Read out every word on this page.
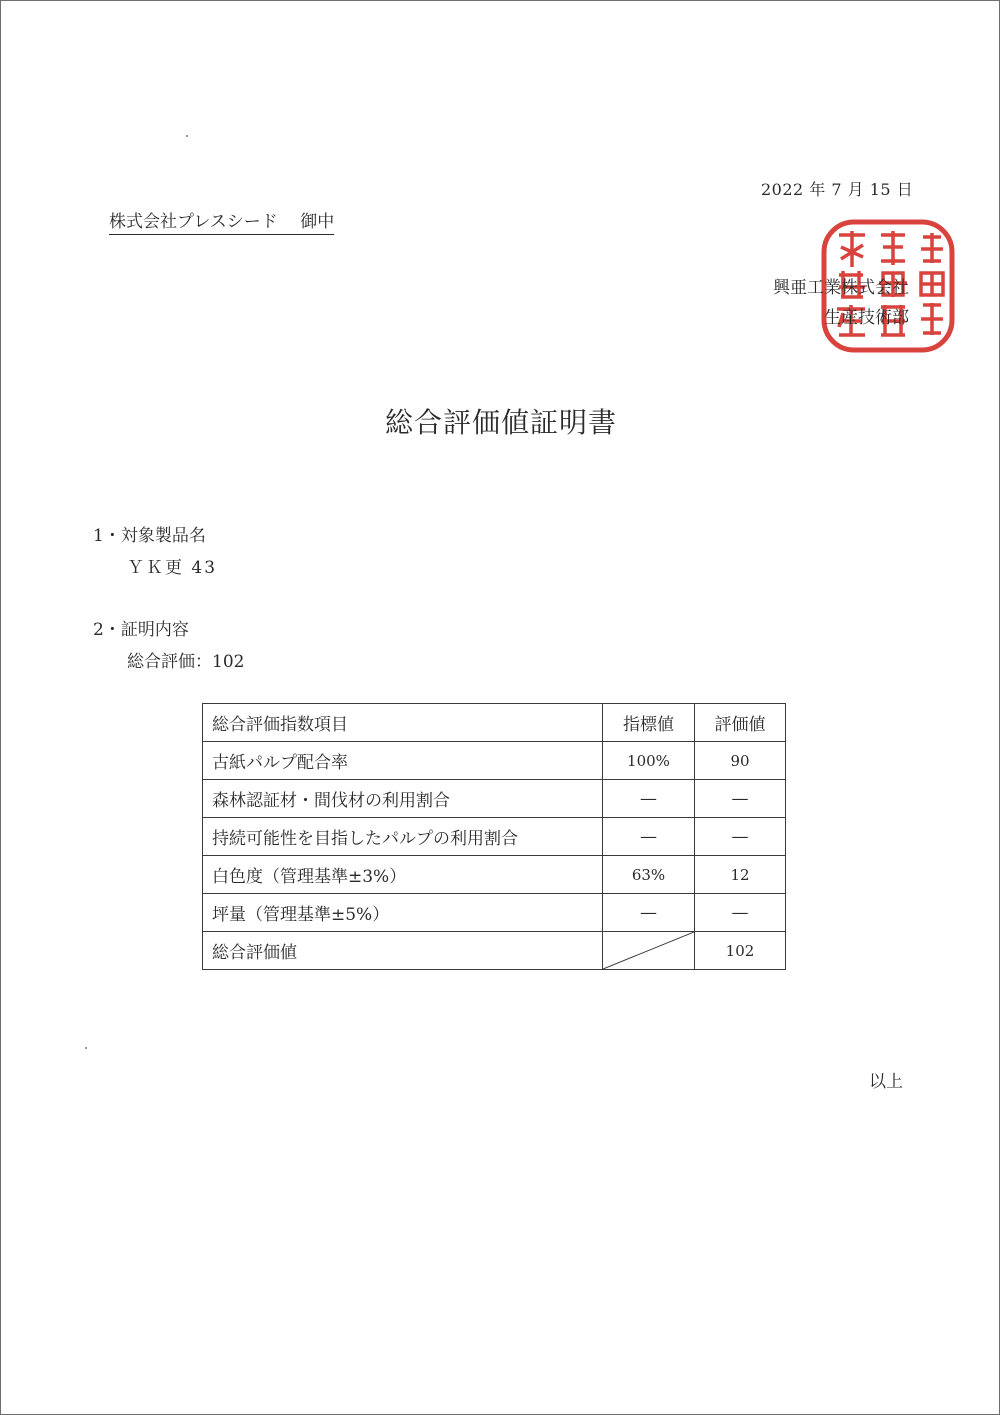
2022 年 7 月 15 日
株式会社プレスシード　 御中
興亜工業株式会社
生産技術部
総合評価値証明書
1・対象製品名
ＹＫ更 43
2・証明内容
総合評価：102
総合評価指数項目	指標値	評価値
古紙パルプ配合率	100%	90
森林認証材・間伐材の利用割合	—	—
持続可能性を目指したパルプの利用割合	—	—
白色度（管理基準±3%）	63%	12
坪量（管理基準±5%）	—	—
総合評価値		102
以上
